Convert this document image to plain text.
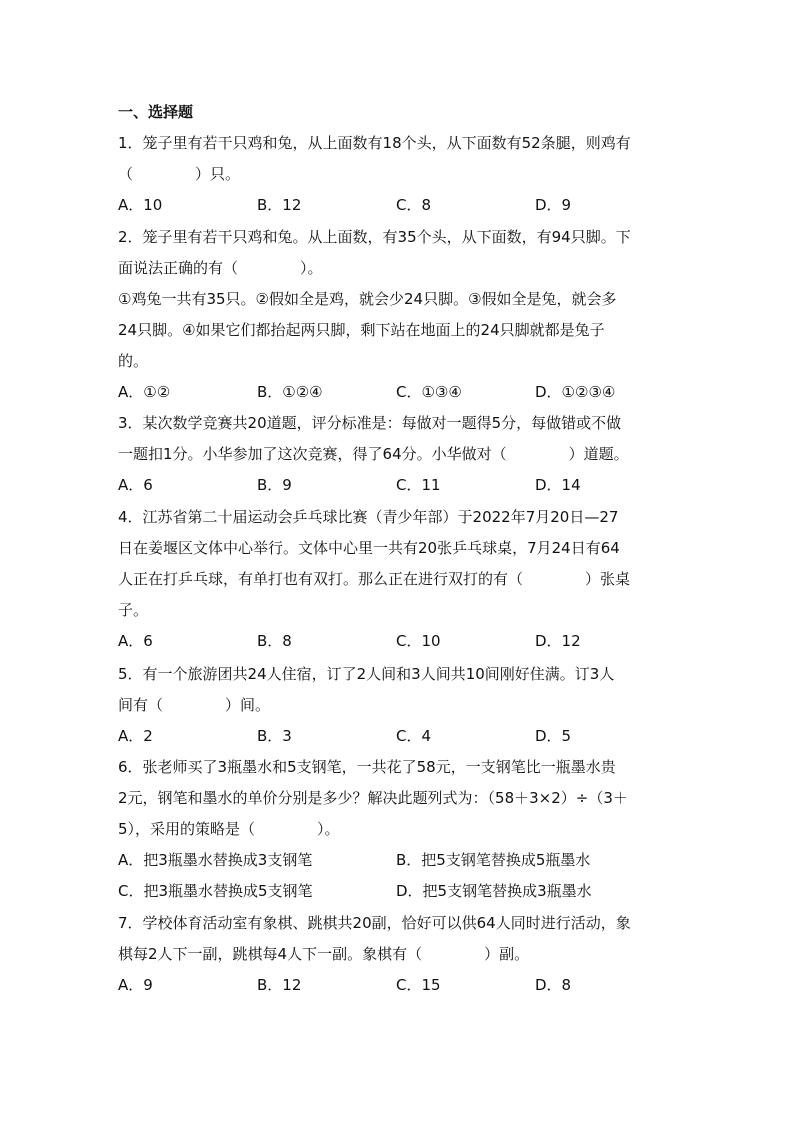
一、选择题

1．笼子里有若干只鸡和兔，从上面数有18个头，从下面数有52条腿，则鸡有

（	）只。

A．10	B．12	C．8	D．9

2．笼子里有若干只鸡和兔。从上面数，有35个头，从下面数，有94只脚。下

面说法正确的有（	）。

①鸡兔一共有35只。②假如全是鸡，就会少24只脚。③假如全是兔，就会多

24只脚。④如果它们都抬起两只脚，剩下站在地面上的24只脚就都是兔子

的。

A．①②	B．①②④	C．①③④	D．①②③④

3．某次数学竞赛共20道题，评分标准是：每做对一题得5分，每做错或不做

一题扣1分。小华参加了这次竞赛，得了64分。小华做对（	）道题。

A．6	B．9	C．11	D．14

4．江苏省第二十届运动会乒乓球比赛（青少年部）于2022年7月20日—27

日在姜堰区文体中心举行。文体中心里一共有20张乒乓球桌，7月24日有64

人正在打乒乓球，有单打也有双打。那么正在进行双打的有（	）张桌

子。

A．6	B．8	C．10	D．12

5．有一个旅游团共24人住宿，订了2人间和3人间共10间刚好住满。订3人

间有（	）间。

A．2	B．3	C．4	D．5

6．张老师买了3瓶墨水和5支钢笔，一共花了58元，一支钢笔比一瓶墨水贵

2元，钢笔和墨水的单价分别是多少？解决此题列式为：（58＋3×2）÷（3＋

5），采用的策略是（	）。

A．把3瓶墨水替换成3支钢笔	B．把5支钢笔替换成5瓶墨水
C．把3瓶墨水替换成5支钢笔	D．把5支钢笔替换成3瓶墨水

7．学校体育活动室有象棋、跳棋共20副，恰好可以供64人同时进行活动，象

棋每2人下一副，跳棋每4人下一副。象棋有（	）副。

A．9	B．12	C．15	D．8
